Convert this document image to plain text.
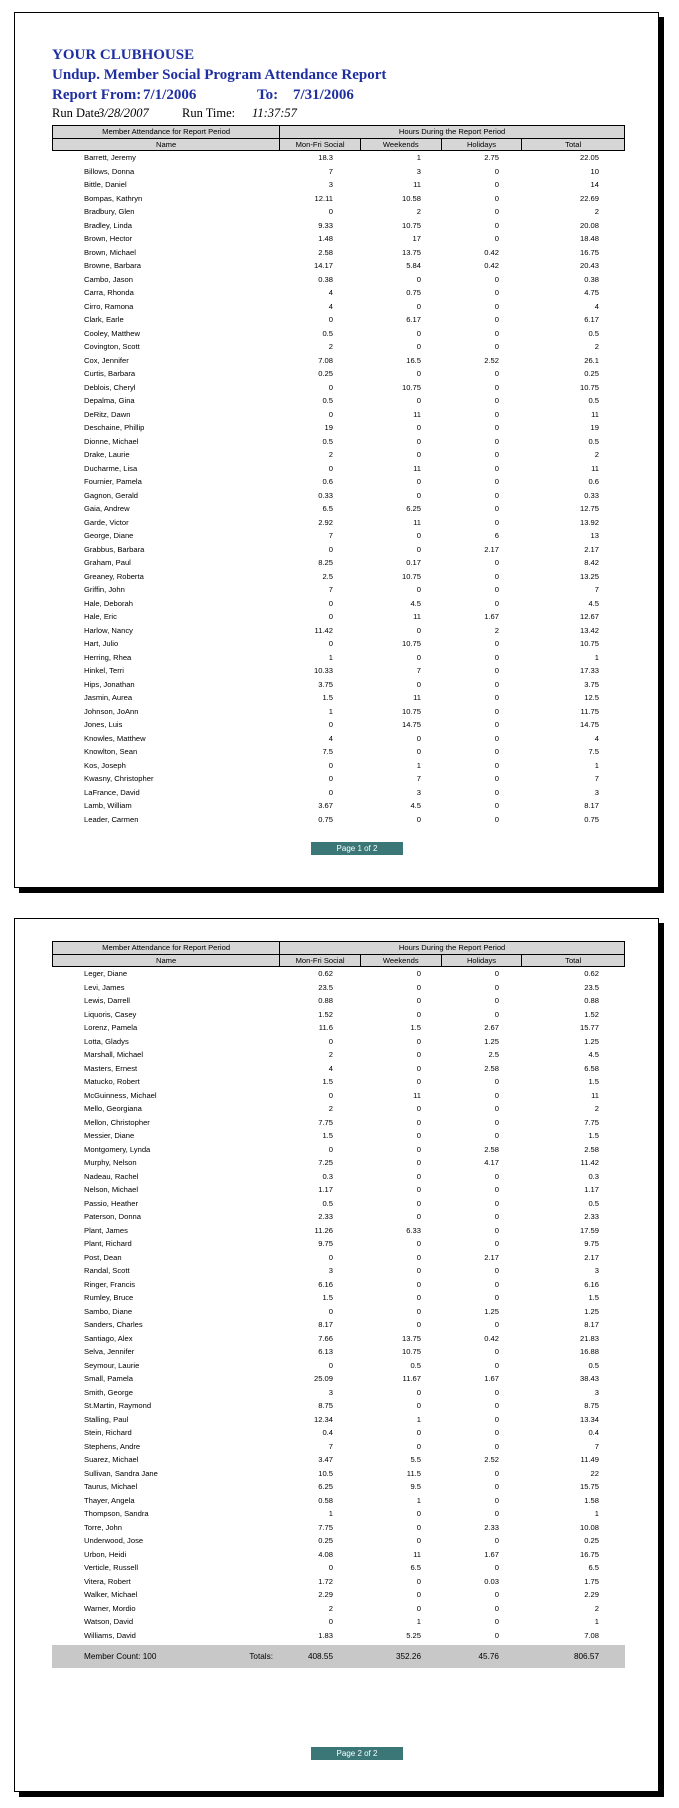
YOUR CLUBHOUSE
Undup. Member Social Program Attendance Report
Report From: 7/1/2006	To: 7/31/2006
Run Date
3/28/2007	Run Time: 11:37:57
Member Attendance for Report Period	Hours During the Report Period
Name	Mon-Fri Social	Weekends	Holidays	Total
Barrett, Jeremy	18.3	1	2.75	22.05
Billows, Donna	7	3	0	10
Bittle, Daniel	3	11	0	14
Bompas, Kathryn	12.11	10.58	0	22.69
Bradbury, Glen	0	2	0	2
Bradley, Linda	9.33	10.75	0	20.08
Brown, Hector	1.48	17	0	18.48
Brown, Michael	2.58	13.75	0.42	16.75
Browne, Barbara	14.17	5.84	0.42	20.43
Cambo, Jason	0.38	0	0	0.38
Carra, Rhonda	4	0.75	0	4.75
Cirro, Ramona	4	0	0	4
Clark, Earle	0	6.17	0	6.17
Cooley, Matthew	0.5	0	0	0.5
Covington, Scott	2	0	0	2
Cox, Jennifer	7.08	16.5	2.52	26.1
Curtis, Barbara	0.25	0	0	0.25
Deblois, Cheryl	0	10.75	0	10.75
Depalma, Gina	0.5	0	0	0.5
DeRitz, Dawn	0	11	0	11
Deschaine, Phillip	19	0	0	19
Dionne, Michael	0.5	0	0	0.5
Drake, Laurie	2	0	0	2
Ducharme, Lisa	0	11	0	11
Fournier, Pamela	0.6	0	0	0.6
Gagnon, Gerald	0.33	0	0	0.33
Gaia, Andrew	6.5	6.25	0	12.75
Garde, Victor	2.92	11	0	13.92
George, Diane	7	0	6	13
Grabbus, Barbara	0	0	2.17	2.17
Graham, Paul	8.25	0.17	0	8.42
Greaney, Roberta	2.5	10.75	0	13.25
Griffin, John	7	0	0	7
Hale, Deborah	0	4.5	0	4.5
Hale, Eric	0	11	1.67	12.67
Harlow, Nancy	11.42	0	2	13.42
Hart, Julio	0	10.75	0	10.75
Herring, Rhea	1	0	0	1
Hinkel, Terri	10.33	7	0	17.33
Hips, Jonathan	3.75	0	0	3.75
Jasmin, Aurea	1.5	11	0	12.5
Johnson, JoAnn	1	10.75	0	11.75
Jones, Luis	0	14.75	0	14.75
Knowles, Matthew	4	0	0	4
Knowlton, Sean	7.5	0	0	7.5
Kos, Joseph	0	1	0	1
Kwasny, Christopher	0	7	0	7
LaFrance, David	0	3	0	3
Lamb, William	3.67	4.5	0	8.17
Leader, Carmen	0.75	0	0	0.75
Page 1 of 2
Member Attendance for Report Period	Hours During the Report Period
Name	Mon-Fri Social	Weekends	Holidays	Total
Leger, Diane	0.62	0	0	0.62
Levi, James	23.5	0	0	23.5
Lewis, Darrell	0.88	0	0	0.88
Liquoris, Casey	1.52	0	0	1.52
Lorenz, Pamela	11.6	1.5	2.67	15.77
Lotta, Gladys	0	0	1.25	1.25
Marshall, Michael	2	0	2.5	4.5
Masters, Ernest	4	0	2.58	6.58
Matucko, Robert	1.5	0	0	1.5
McGuinness, Michael	0	11	0	11
Mello, Georgiana	2	0	0	2
Mellon, Christopher	7.75	0	0	7.75
Messier, Diane	1.5	0	0	1.5
Montgomery, Lynda	0	0	2.58	2.58
Murphy, Nelson	7.25	0	4.17	11.42
Nadeau, Rachel	0.3	0	0	0.3
Nelson, Michael	1.17	0	0	1.17
Passio, Heather	0.5	0	0	0.5
Paterson, Donna	2.33	0	0	2.33
Plant, James	11.26	6.33	0	17.59
Plant, Richard	9.75	0	0	9.75
Post, Dean	0	0	2.17	2.17
Randal, Scott	3	0	0	3
Ringer, Francis	6.16	0	0	6.16
Rumley, Bruce	1.5	0	0	1.5
Sambo, Diane	0	0	1.25	1.25
Sanders, Charles	8.17	0	0	8.17
Santiago, Alex	7.66	13.75	0.42	21.83
Selva, Jennifer	6.13	10.75	0	16.88
Seymour, Laurie	0	0.5	0	0.5
Small, Pamela	25.09	11.67	1.67	38.43
Smith, George	3	0	0	3
St.Martin, Raymond	8.75	0	0	8.75
Stalling, Paul	12.34	1	0	13.34
Stein, Richard	0.4	0	0	0.4
Stephens, Andre	7	0	0	7
Suarez, Michael	3.47	5.5	2.52	11.49
Sullivan, Sandra Jane	10.5	11.5	0	22
Taurus, Michael	6.25	9.5	0	15.75
Thayer, Angela	0.58	1	0	1.58
Thompson, Sandra	1	0	0	1
Torre, John	7.75	0	2.33	10.08
Underwood, Jose	0.25	0	0	0.25
Urbon, Heidi	4.08	11	1.67	16.75
Verticle, Russell	0	6.5	0	6.5
Vitera, Robert	1.72	0	0.03	1.75
Walker, Michael	2.29	0	0	2.29
Warner, Mordio	2	0	0	2
Watson, David	0	1	0	1
Williams, David	1.83	5.25	0	7.08
Member Count: 100	Totals:	408.55	352.26	45.76	806.57
Page 2 of 2
